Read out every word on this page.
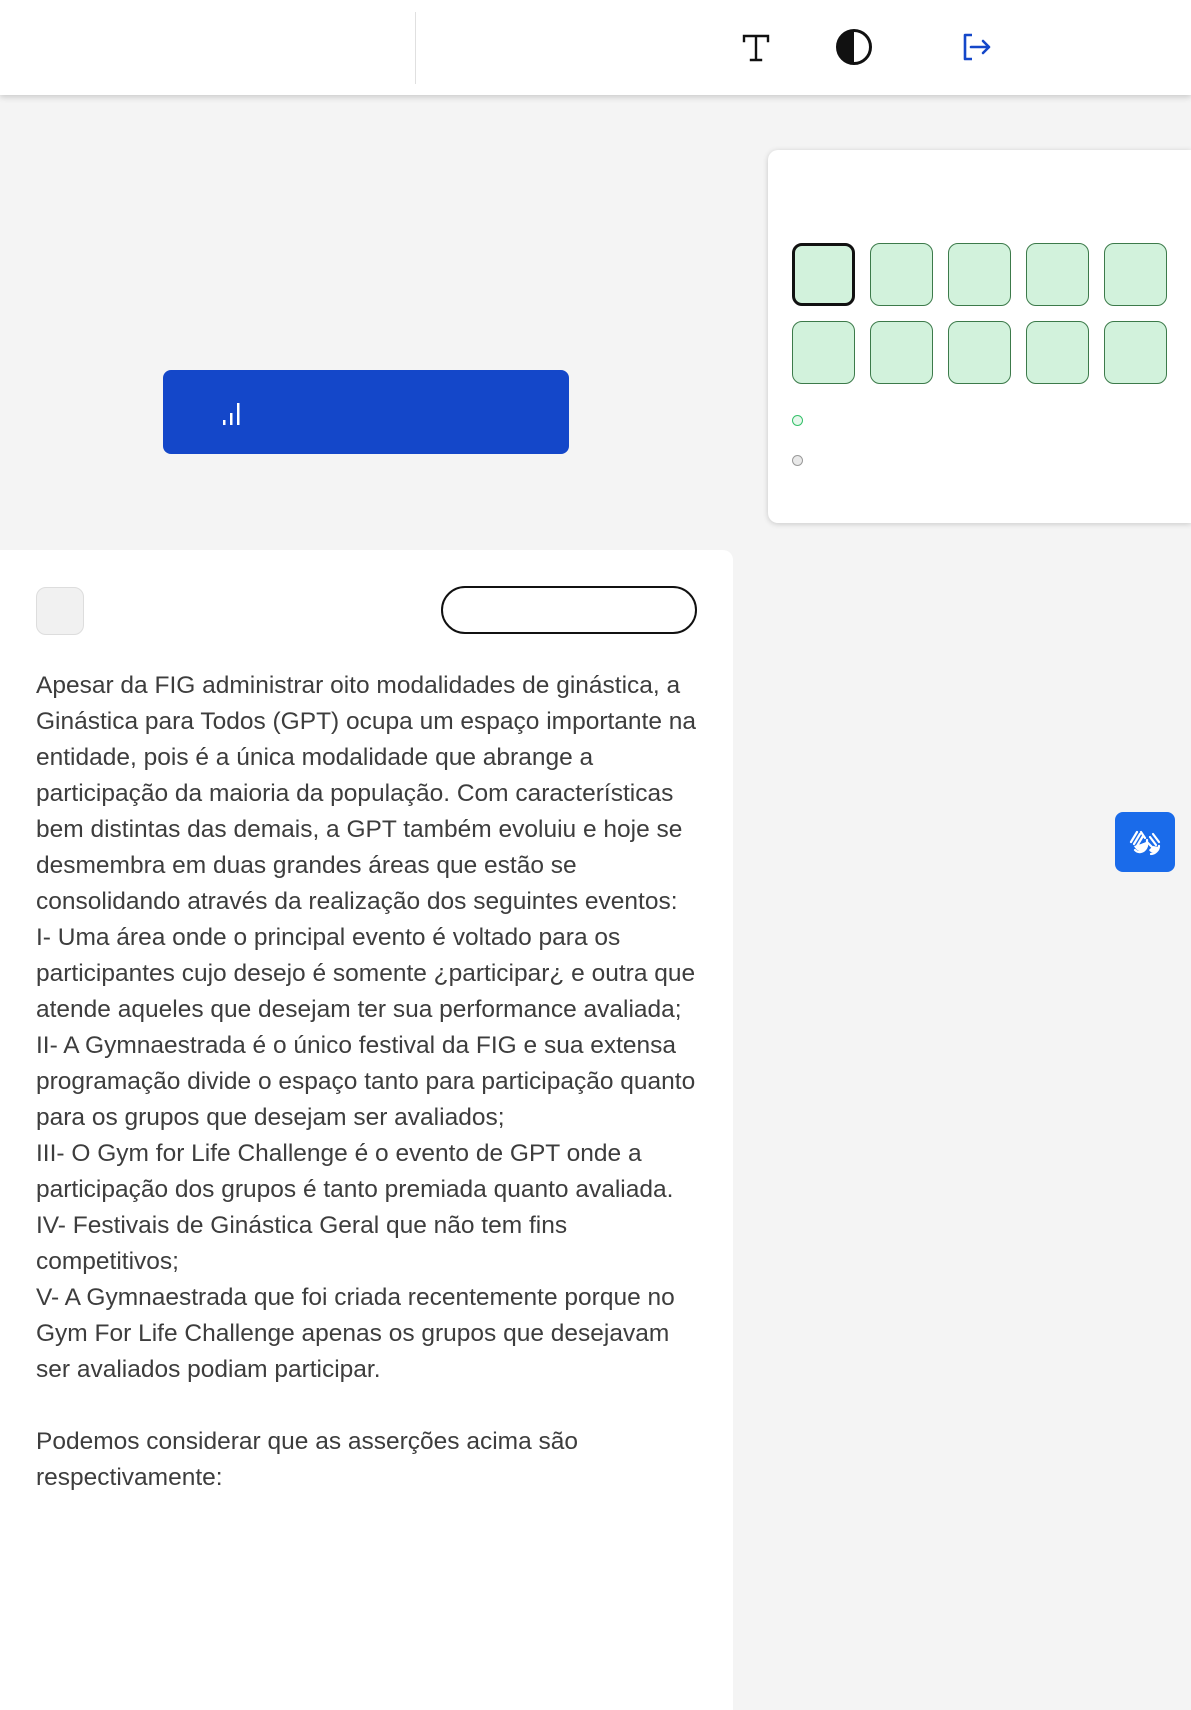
Apesar da FIG administrar oito modalidades de ginástica, a Ginástica para Todos (GPT) ocupa um espaço importante na entidade, pois é a única modalidade que abrange a participação da maioria da população. Com características bem distintas das demais, a GPT também evoluiu e hoje se desmembra em duas grandes áreas que estão se consolidando através da realização dos seguintes eventos:
I- Uma área onde o principal evento é voltado para os participantes cujo desejo é somente ¿participar¿ e outra que atende aqueles que desejam ter sua performance avaliada;
II- A Gymnaestrada é o único festival da FIG e sua extensa programação divide o espaço tanto para participação quanto para os grupos que desejam ser avaliados;
III- O Gym for Life Challenge é o evento de GPT onde a participação dos grupos é tanto premiada quanto avaliada.
IV- Festivais de Ginástica Geral que não tem fins competitivos;
V- A Gymnaestrada que foi criada recentemente porque no Gym For Life Challenge apenas os grupos que desejavam ser avaliados podiam participar.

Podemos considerar que as asserções acima são respectivamente:
